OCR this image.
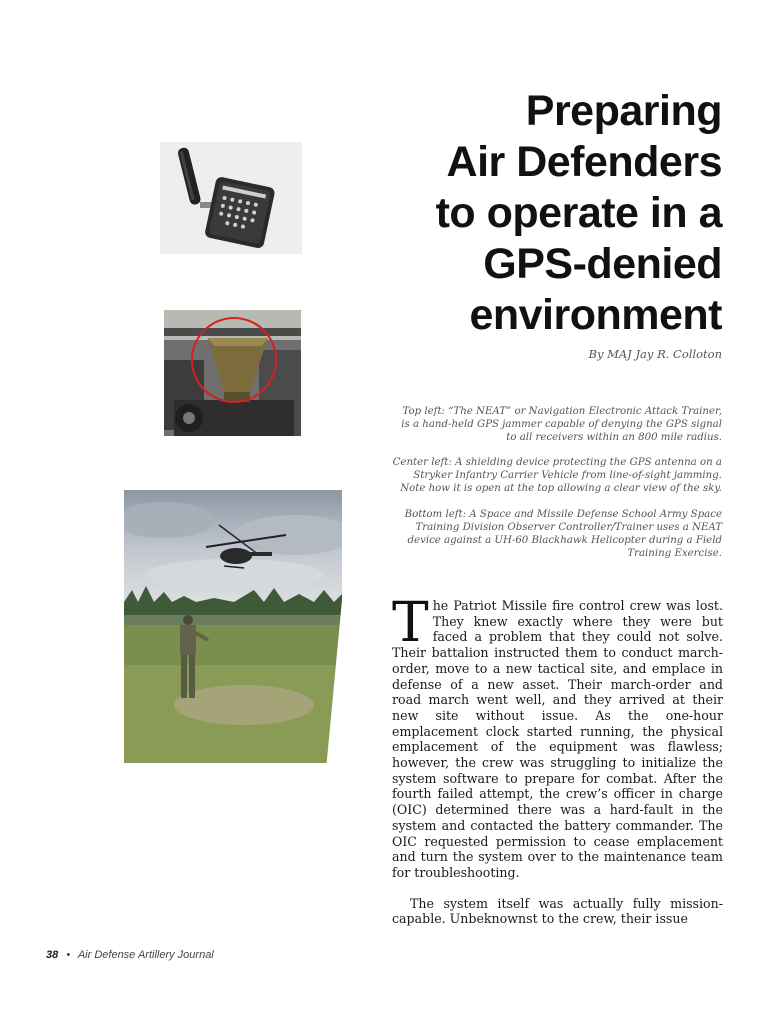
Preparing
Air Defenders
to operate in a
GPS-denied
environment
By MAJ Jay R. Colloton
Top left: “The NEAT” or Navigation Electronic Attack Trainer, is a hand-held GPS jammer capable of denying the GPS signal to all receivers within an 800 mile radius.
Center left: A shielding device protecting the GPS antenna on a Stryker Infantry Carrier Vehicle from line-of-sight jamming. Note how it is open at the top allowing a clear view of the sky.
Bottom left: A Space and Missile Defense School Army Space Training Division Observer Controller/Trainer uses a NEAT device against a UH-60 Blackhawk Helicopter during a Field Training Exercise.

The Patriot Missile fire control crew was lost. They knew exactly where they were but faced a problem that they could not solve. Their battalion instructed them to conduct march-order, move to a new tactical site, and emplace in defense of a new asset. Their march-order and road march went well, and they arrived at their new site without issue. As the one-hour emplacement clock started running, the physical emplacement of the equipment was flawless; however, the crew was struggling to initialize the system software to prepare for combat. After the fourth failed attempt, the crew’s officer in charge (OIC) determined there was a hard-fault in the system and contacted the battery commander. The OIC requested permission to cease emplacement and turn the system over to the maintenance team for troubleshooting.

The system itself was actually fully mission-capable. Unbeknownst to the crew, their issue

38 • Air Defense Artillery Journal
